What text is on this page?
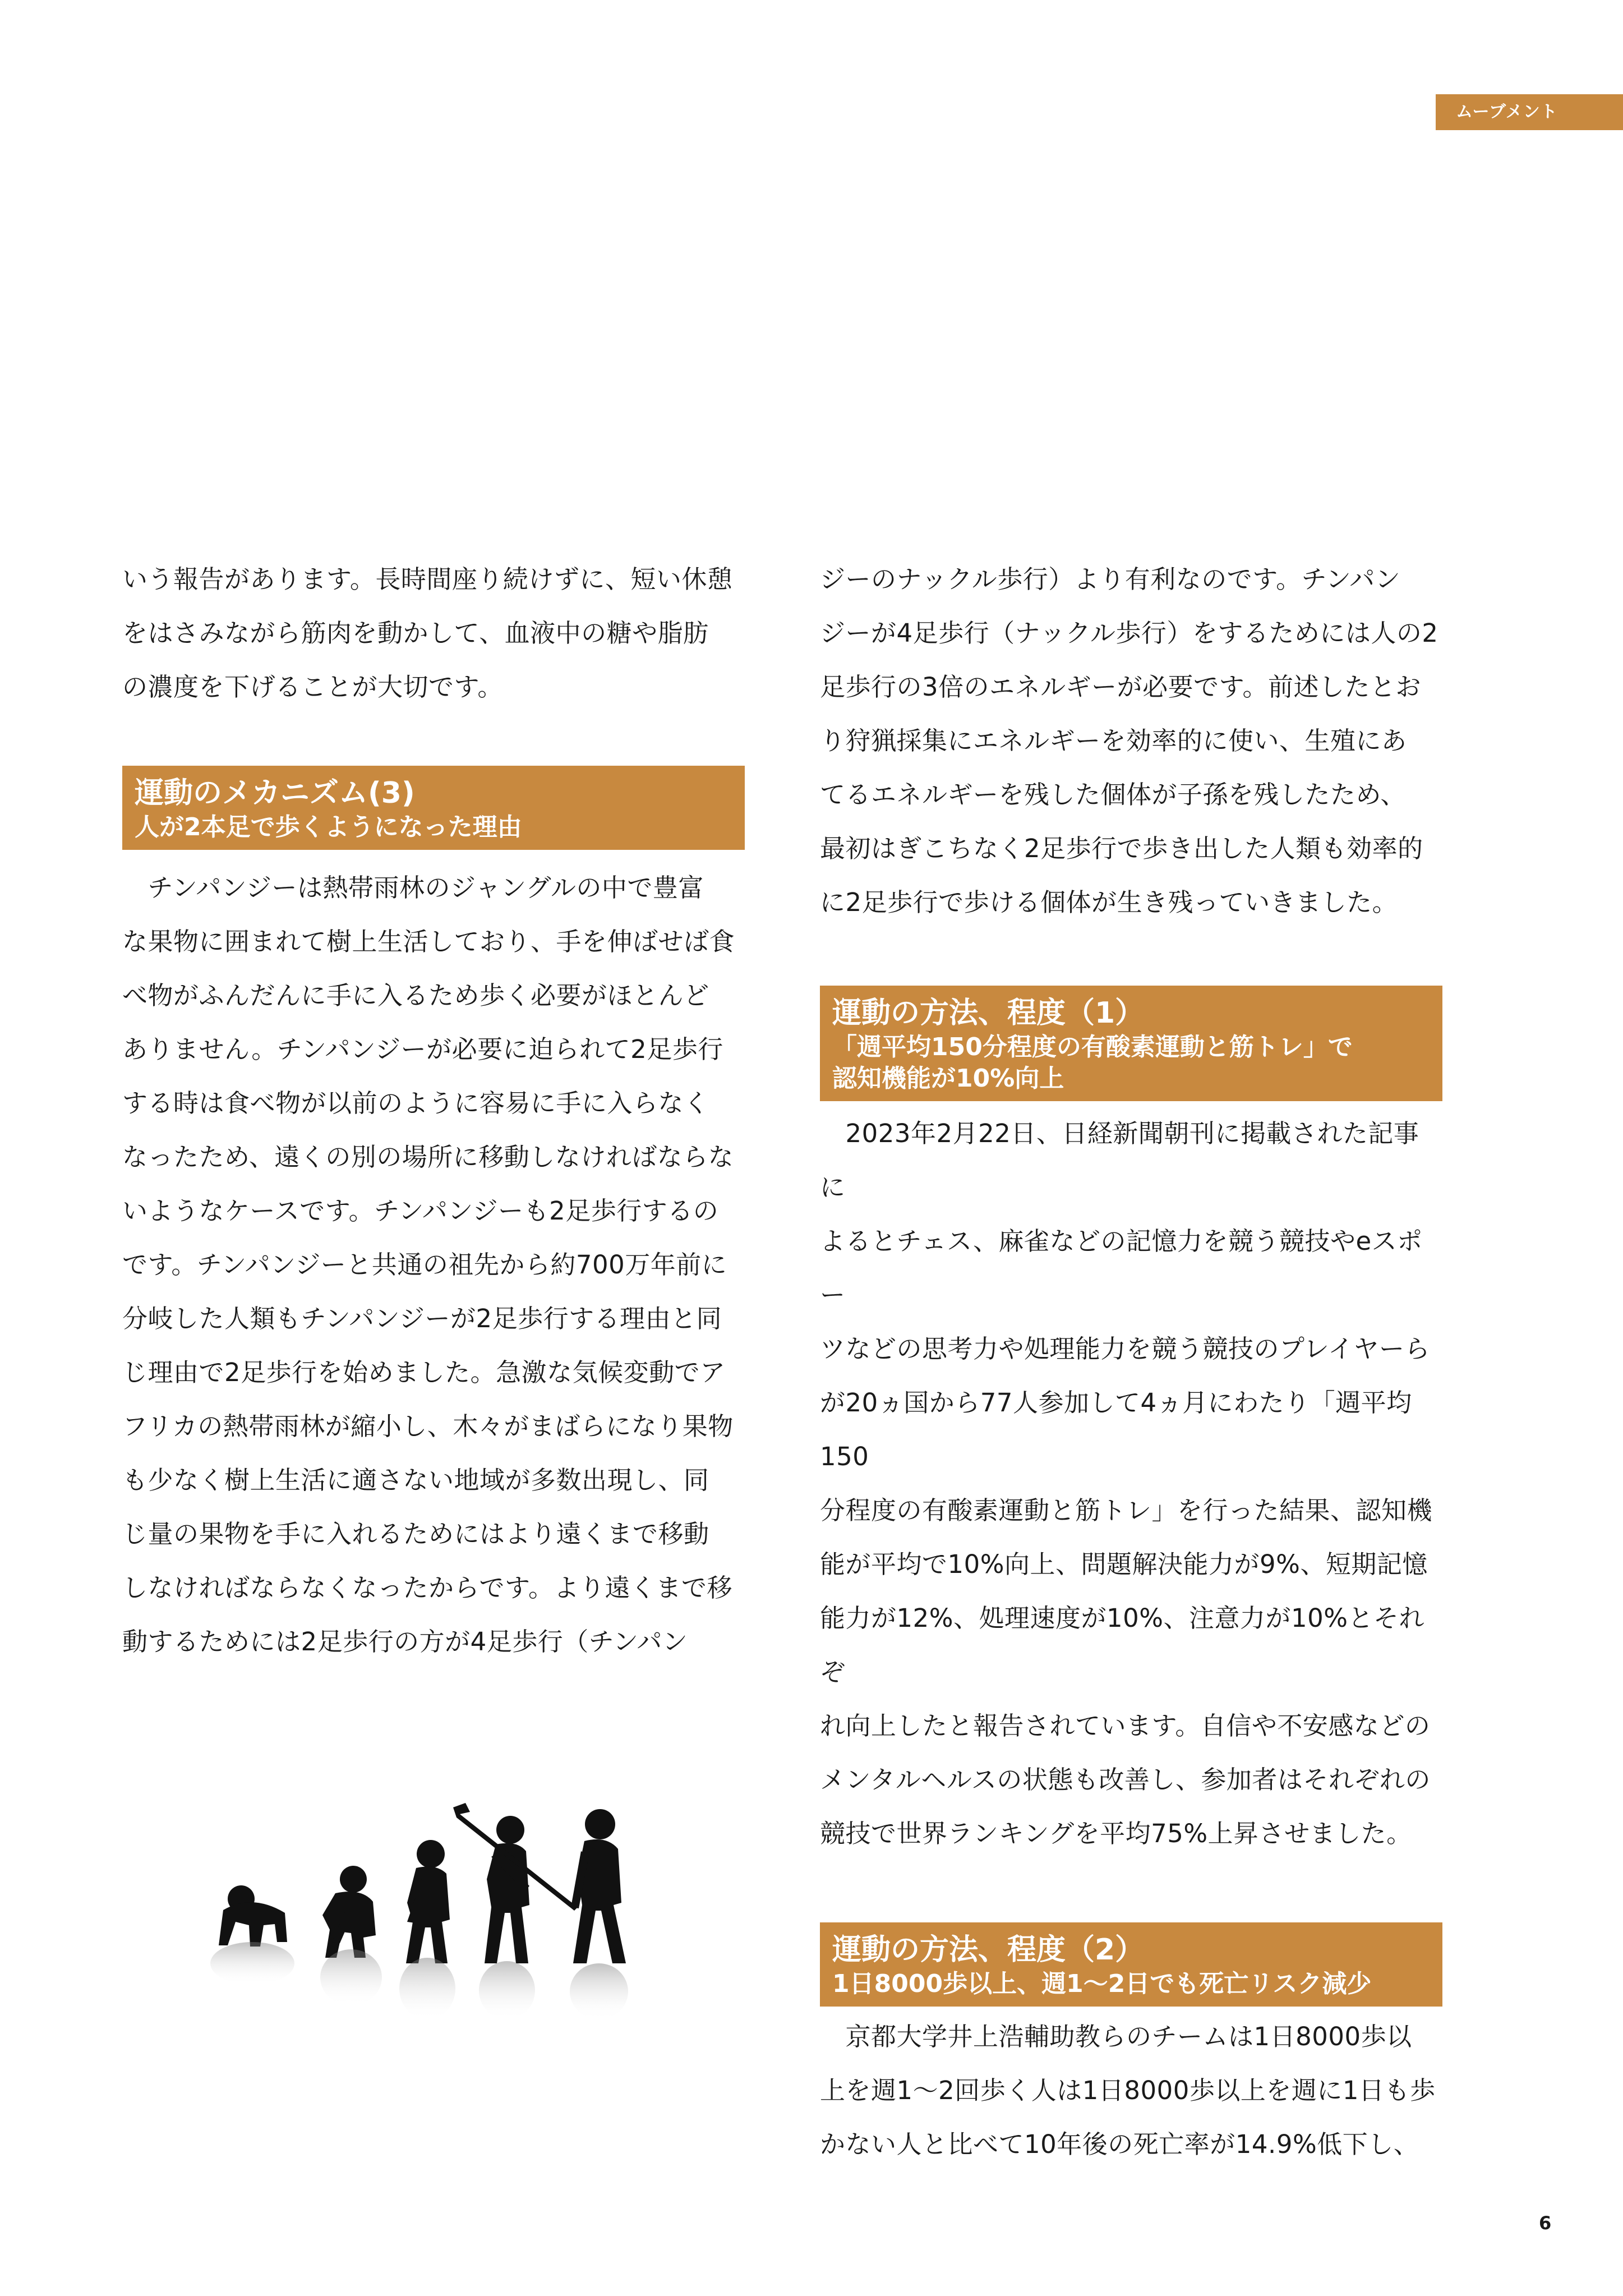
ムーブメント

いう報告があります。長時間座り続けずに、短い休憩
をはさみながら筋肉を動かして、血液中の糖や脂肪
の濃度を下げることが大切です。

運動のメカニズム(3)
人が2本足で歩くようになった理由

　チンパンジーは熱帯雨林のジャングルの中で豊富
な果物に囲まれて樹上生活しており、手を伸ばせば食
べ物がふんだんに手に入るため歩く必要がほとんど
ありません。チンパンジーが必要に迫られて2足歩行
する時は食べ物が以前のように容易に手に入らなく
なったため、遠くの別の場所に移動しなければならな
いようなケースです。チンパンジーも2足歩行するの
です。チンパンジーと共通の祖先から約700万年前に
分岐した人類もチンパンジーが2足歩行する理由と同
じ理由で2足歩行を始めました。急激な気候変動でア
フリカの熱帯雨林が縮小し、木々がまばらになり果物
も少なく樹上生活に適さない地域が多数出現し、同
じ量の果物を手に入れるためにはより遠くまで移動
しなければならなくなったからです。より遠くまで移
動するためには2足歩行の方が4足歩行（チンパン

ジーのナックル歩行）より有利なのです。チンパン
ジーが4足歩行（ナックル歩行）をするためには人の2
足歩行の3倍のエネルギーが必要です。前述したとお
り狩猟採集にエネルギーを効率的に使い、生殖にあ
てるエネルギーを残した個体が子孫を残したため、
最初はぎこちなく2足歩行で歩き出した人類も効率的
に2足歩行で歩ける個体が生き残っていきました。

運動の方法、程度（1）
「週平均150分程度の有酸素運動と筋トレ」で
認知機能が10%向上

　2023年2月22日、日経新聞朝刊に掲載された記事に
よるとチェス、麻雀などの記憶力を競う競技やeスポー
ツなどの思考力や処理能力を競う競技のプレイヤーら
が20ヵ国から77人参加して4ヵ月にわたり「週平均150
分程度の有酸素運動と筋トレ」を行った結果、認知機
能が平均で10%向上、問題解決能力が9%、短期記憶
能力が12%、処理速度が10%、注意力が10%とそれぞ
れ向上したと報告されています。自信や不安感などの
メンタルヘルスの状態も改善し、参加者はそれぞれの
競技で世界ランキングを平均75%上昇させました。

運動の方法、程度（2）
1日8000歩以上、週1～2日でも死亡リスク減少

　京都大学井上浩輔助教らのチームは1日8000歩以
上を週1～2回歩く人は1日8000歩以上を週に1日も歩
かない人と比べて10年後の死亡率が14.9%低下し、

6
